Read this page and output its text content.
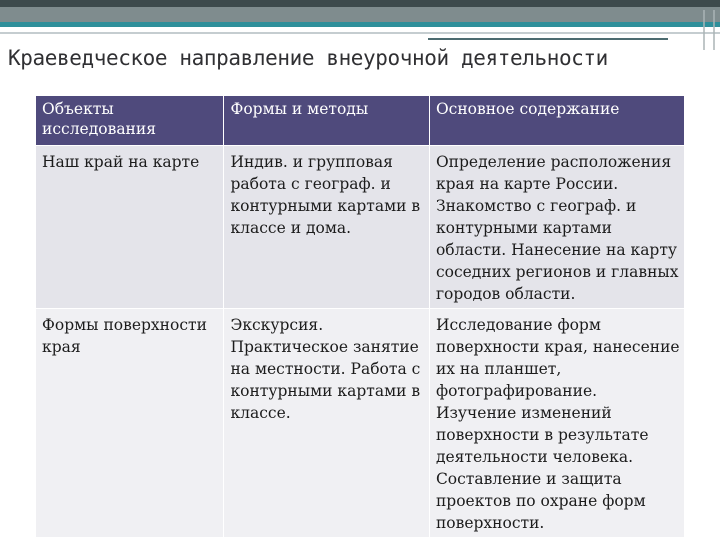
Краеведческое направление внеурочной деятельности
Объекты исследования	Формы и методы	Основное содержание
Наш край на карте	Индив. и групповая работа с географ. и контурными картами в классе и дома.	Определение расположения края на карте России. Знакомство с географ. и контурными картами области. Нанесение на карту соседних регионов и главных городов области.
Формы поверхности края	Экскурсия. Практическое занятие на местности. Работа с контурными картами в классе.	Исследование форм поверхности края, нанесение их на планшет, фотографирование. Изучение изменений поверхности в результате деятельности человека. Составление и защита проектов по охране форм поверхности.
